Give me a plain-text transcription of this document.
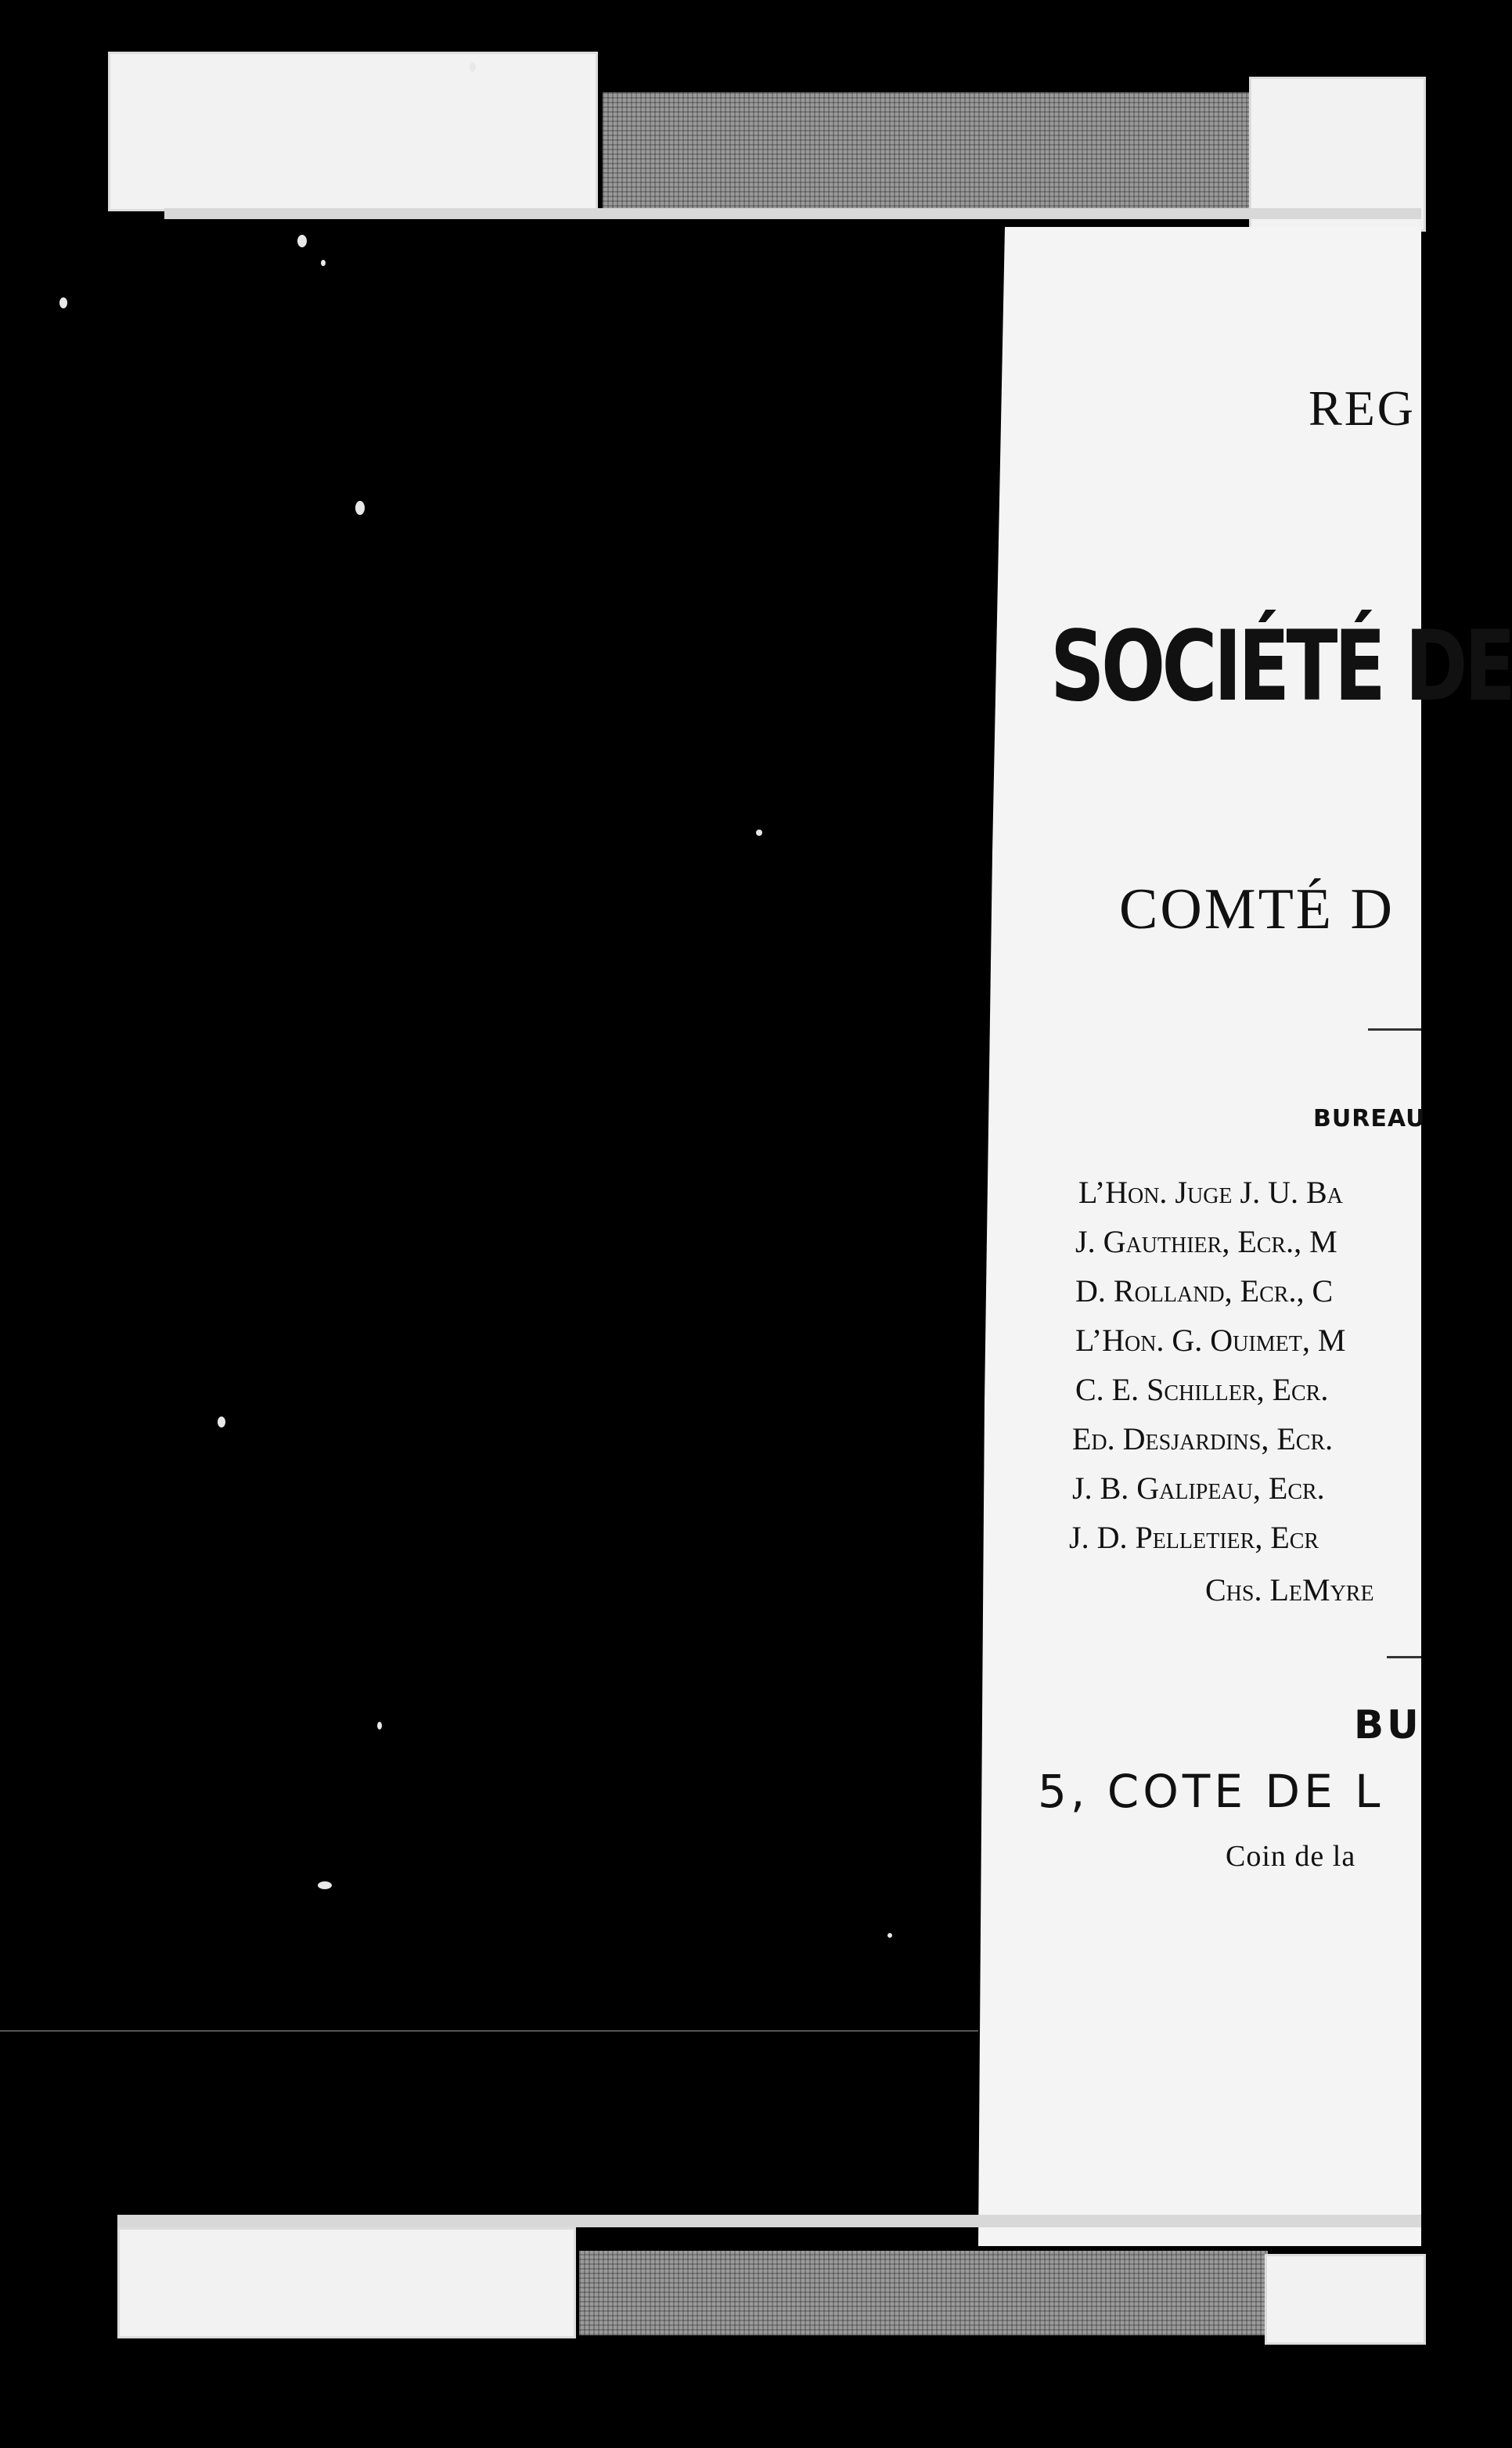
REG
SOCIÉTÉ DE
COMTÉ D
BUREAU
L’Hon. Juge J. U. Ba
J. Gauthier, Ecr., M
D. Rolland, Ecr., C
L’Hon. G. Ouimet, M
C. E. Schiller, Ecr.
Ed. Desjardins, Ecr.
J. B. Galipeau, Ecr.
J. D. Pelletier, Ecr
Chs. LeMyre
BU
5, COTE DE L
Coin de la
